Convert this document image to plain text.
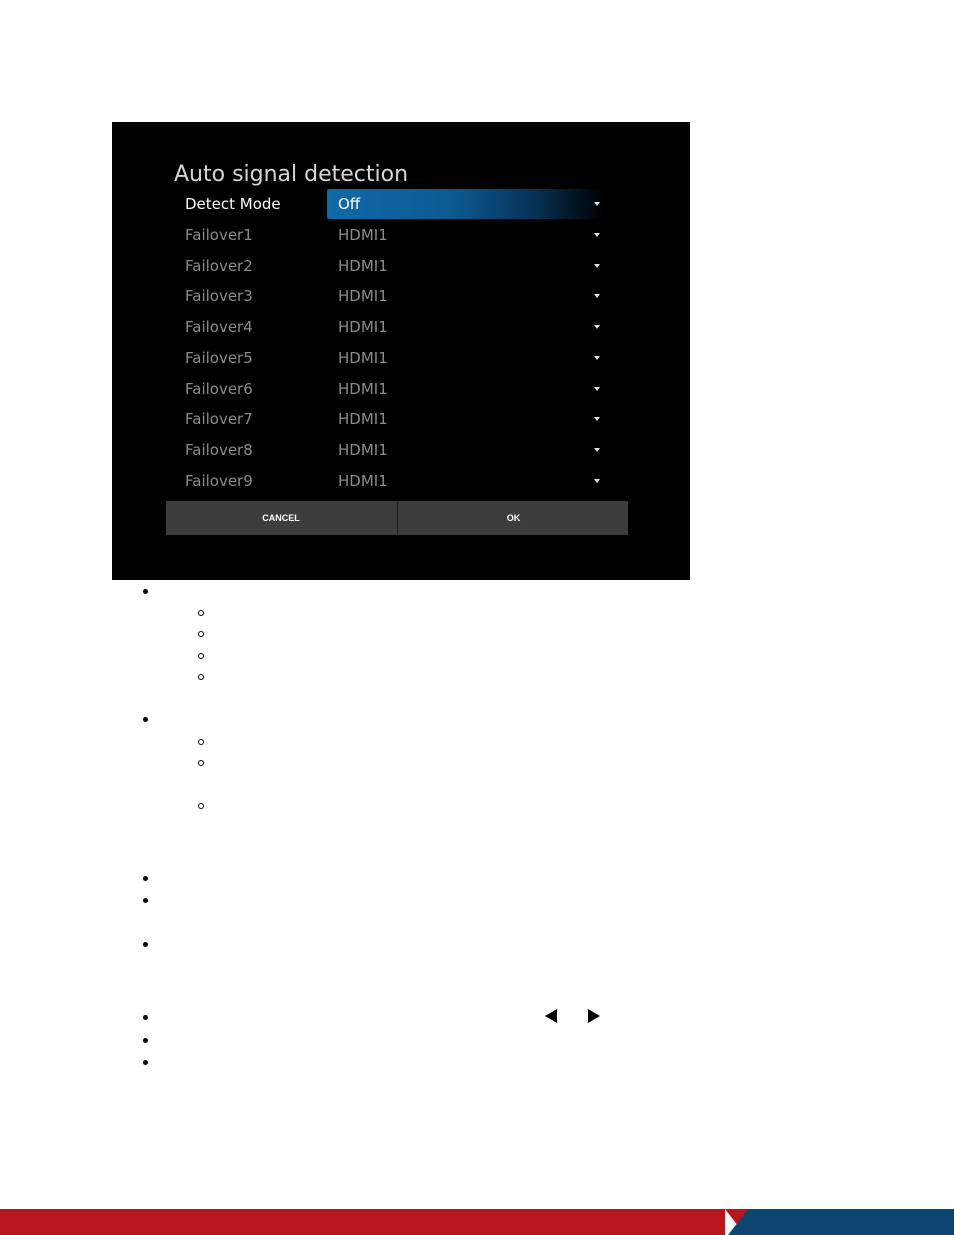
Auto signal detection
Detect Mode	Off
Failover1	HDMI1
Failover2	HDMI1
Failover3	HDMI1
Failover4	HDMI1
Failover5	HDMI1
Failover6	HDMI1
Failover7	HDMI1
Failover8	HDMI1
Failover9	HDMI1
CANCEL	OK
